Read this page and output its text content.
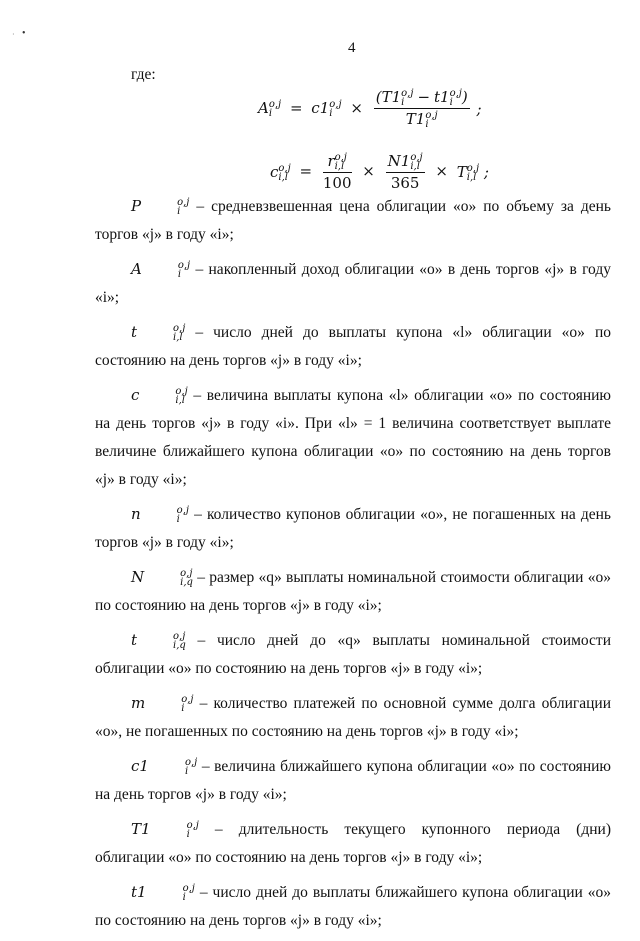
•
·
4
где:
A o,j
i	= c1 o,j
i	× (T1 o,j
i − t1 o,j
i )
T1 o,j
i ;
c o,j
i,l = r o,j
i,l
100 × N1 o,j
i,l
365 × T o,j
i,l ;

P	o,j
i – средневзвешенная цена облигации «о» по объему за день торгов «j» в году «i»;

A	o,j
i – накопленный доход облигации «о» в день торгов «j» в году «i»;

t	o,j
i,l – число дней до выплаты купона «l» облигации «о» по состоянию на день торгов «j» в году «i»;

c	o,j
i,l – величина выплаты купона «l» облигации «о» по состоянию на день торгов «j» в году «i». При «l» = 1 величина соответствует выплате величине ближайшего купона облигации «о» по состоянию на день торгов «j» в году «i»;

n	o,j
i – количество купонов облигации «о», не погашенных на день торгов «j» в году «i»;

N	o,j
i,q – размер «q» выплаты номинальной стоимости облигации «о» по состоянию на день торгов «j» в году «i»;

t	o,j
i,q – число дней до «q» выплаты номинальной стоимости облигации «о» по состоянию на день торгов «j» в году «i»;

m	o,j
i – количество платежей по основной сумме долга облигации «о», не погашенных по состоянию на день торгов «j» в году «i»;

c1	o,j
i – величина ближайшего купона облигации «о» по состоянию на день торгов «j» в году «i»;

T1	o,j
i – длительность текущего купонного периода (дни) облигации «о» по состоянию на день торгов «j» в году «i»;

t1	o,j
i – число дней до выплаты ближайшего купона облигации «о» по состоянию на день торгов «j» в году «i»;
